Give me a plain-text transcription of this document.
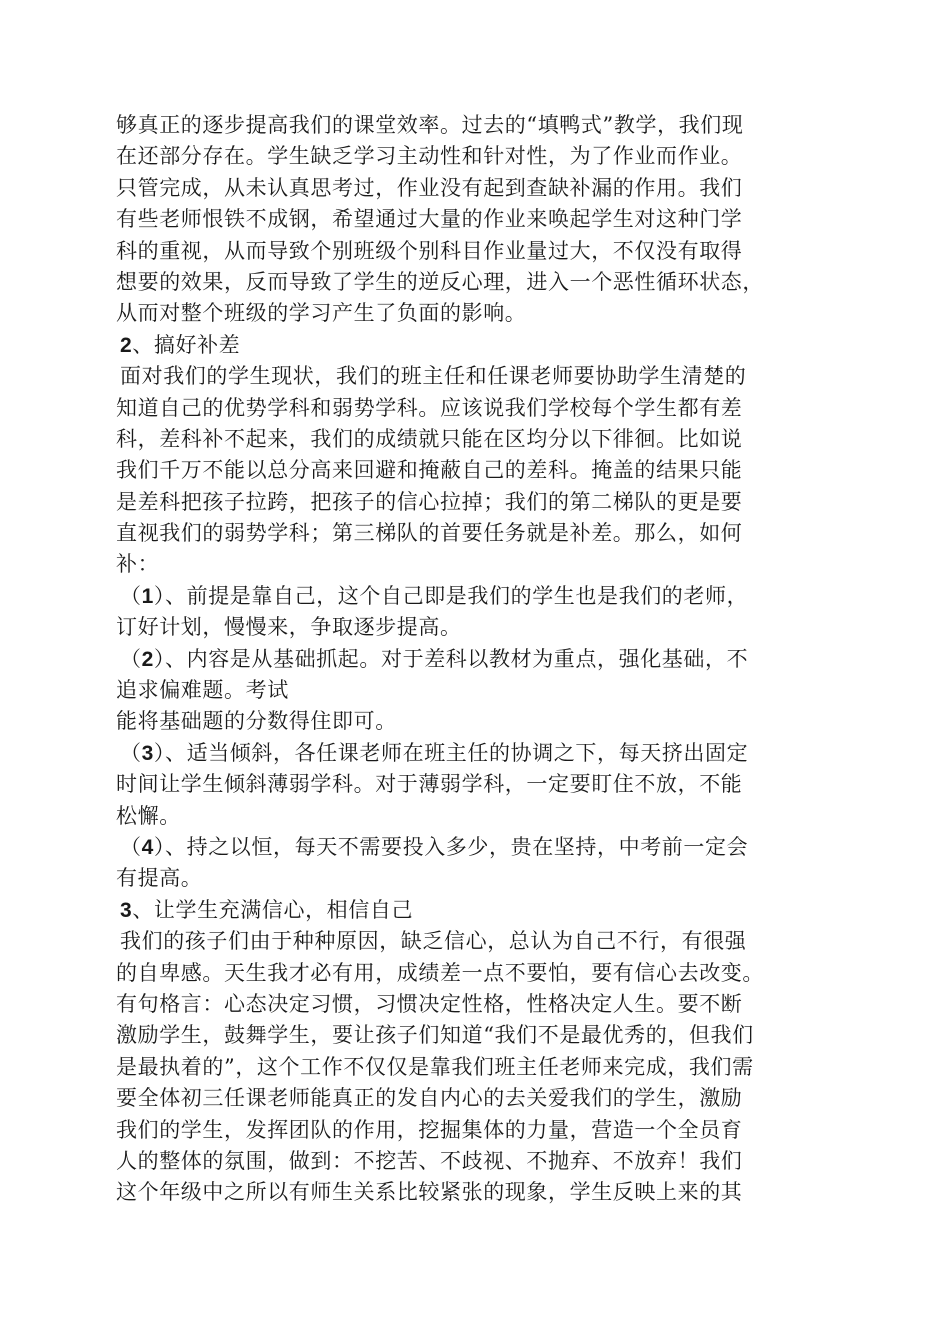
够真正的逐步提高我们的课堂效率。过去的“填鸭式”教学，我们现
在还部分存在。学生缺乏学习主动性和针对性，为了作业而作业。
只管完成，从未认真思考过，作业没有起到查缺补漏的作用。我们
有些老师恨铁不成钢，希望通过大量的作业来唤起学生对这种门学
科的重视，从而导致个别班级个别科目作业量过大，不仅没有取得
想要的效果，反而导致了学生的逆反心理，进入一个恶性循环状态，
从而对整个班级的学习产生了负面的影响。
2、搞好补差
面对我们的学生现状，我们的班主任和任课老师要协助学生清楚的
知道自己的优势学科和弱势学科。应该说我们学校每个学生都有差
科，差科补不起来，我们的成绩就只能在区均分以下徘徊。比如说
我们千万不能以总分高来回避和掩蔽自己的差科。掩盖的结果只能
是差科把孩子拉跨，把孩子的信心拉掉；我们的第二梯队的更是要
直视我们的弱势学科；第三梯队的首要任务就是补差。那么，如何
补：
（1）、前提是靠自己，这个自己即是我们的学生也是我们的老师，
订好计划，慢慢来，争取逐步提高。
（2）、内容是从基础抓起。对于差科以教材为重点，强化基础，不
追求偏难题。考试
能将基础题的分数得住即可。
（3）、适当倾斜，各任课老师在班主任的协调之下，每天挤出固定
时间让学生倾斜薄弱学科。对于薄弱学科，一定要盯住不放，不能
松懈。
（4）、持之以恒，每天不需要投入多少，贵在坚持，中考前一定会
有提高。
3、让学生充满信心，相信自己
我们的孩子们由于种种原因，缺乏信心，总认为自己不行，有很强
的自卑感。天生我才必有用，成绩差一点不要怕，要有信心去改变。
有句格言：心态决定习惯，习惯决定性格，性格决定人生。要不断
激励学生，鼓舞学生，要让孩子们知道“我们不是最优秀的，但我们
是最执着的”，这个工作不仅仅是靠我们班主任老师来完成，我们需
要全体初三任课老师能真正的发自内心的去关爱我们的学生，激励
我们的学生，发挥团队的作用，挖掘集体的力量，营造一个全员育
人的整体的氛围，做到：不挖苦、不歧视、不抛弃、不放弃！我们
这个年级中之所以有师生关系比较紧张的现象，学生反映上来的其
